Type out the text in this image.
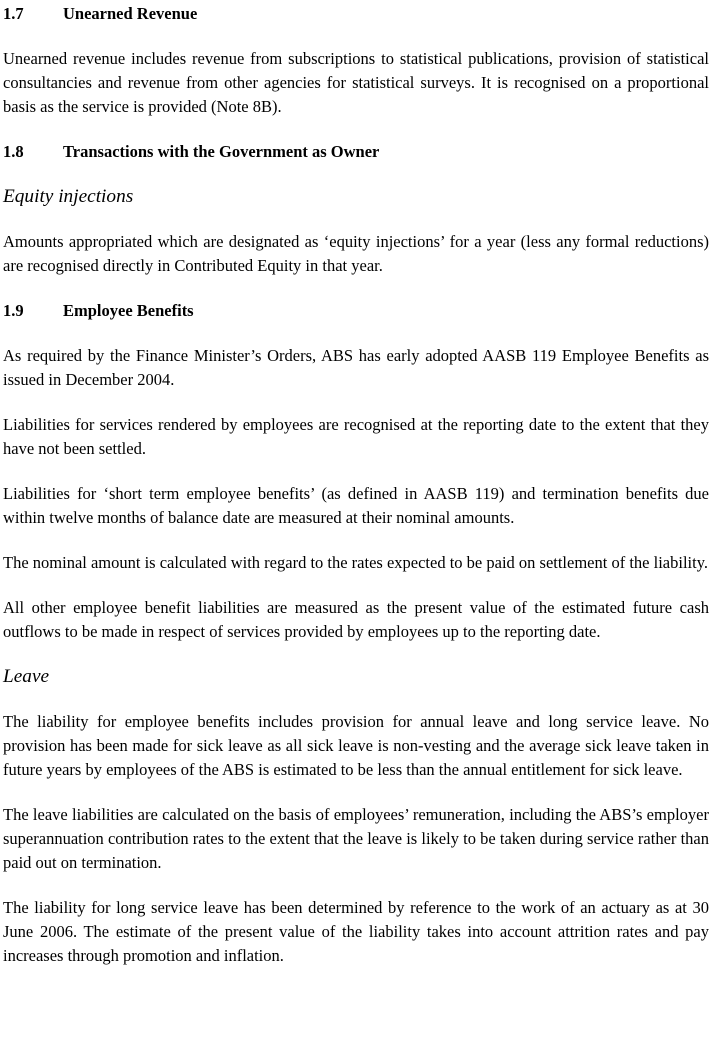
1.7 Unearned Revenue

Unearned revenue includes revenue from subscriptions to statistical publications, provision of statistical consultancies and revenue from other agencies for statistical surveys. It is recognised on a proportional basis as the service is provided (Note 8B).

1.8 Transactions with the Government as Owner
Equity injections

Amounts appropriated which are designated as ‘equity injections’ for a year (less any formal reductions) are recognised directly in Contributed Equity in that year.

1.9 Employee Benefits

As required by the Finance Minister’s Orders, ABS has early adopted AASB 119 Employee Benefits as issued in December 2004.

Liabilities for services rendered by employees are recognised at the reporting date to the extent that they have not been settled.

Liabilities for ‘short term employee benefits’ (as defined in AASB 119) and termination benefits due within twelve months of balance date are measured at their nominal amounts.

The nominal amount is calculated with regard to the rates expected to be paid on settlement of the liability.

All other employee benefit liabilities are measured as the present value of the estimated future cash outflows to be made in respect of services provided by employees up to the reporting date.

Leave

The liability for employee benefits includes provision for annual leave and long service leave. No provision has been made for sick leave as all sick leave is non-vesting and the average sick leave taken in future years by employees of the ABS is estimated to be less than the annual entitlement for sick leave.

The leave liabilities are calculated on the basis of employees’ remuneration, including the ABS’s employer superannuation contribution rates to the extent that the leave is likely to be taken during service rather than paid out on termination.

The liability for long service leave has been determined by reference to the work of an actuary as at 30 June 2006. The estimate of the present value of the liability takes into account attrition rates and pay increases through promotion and inflation.
